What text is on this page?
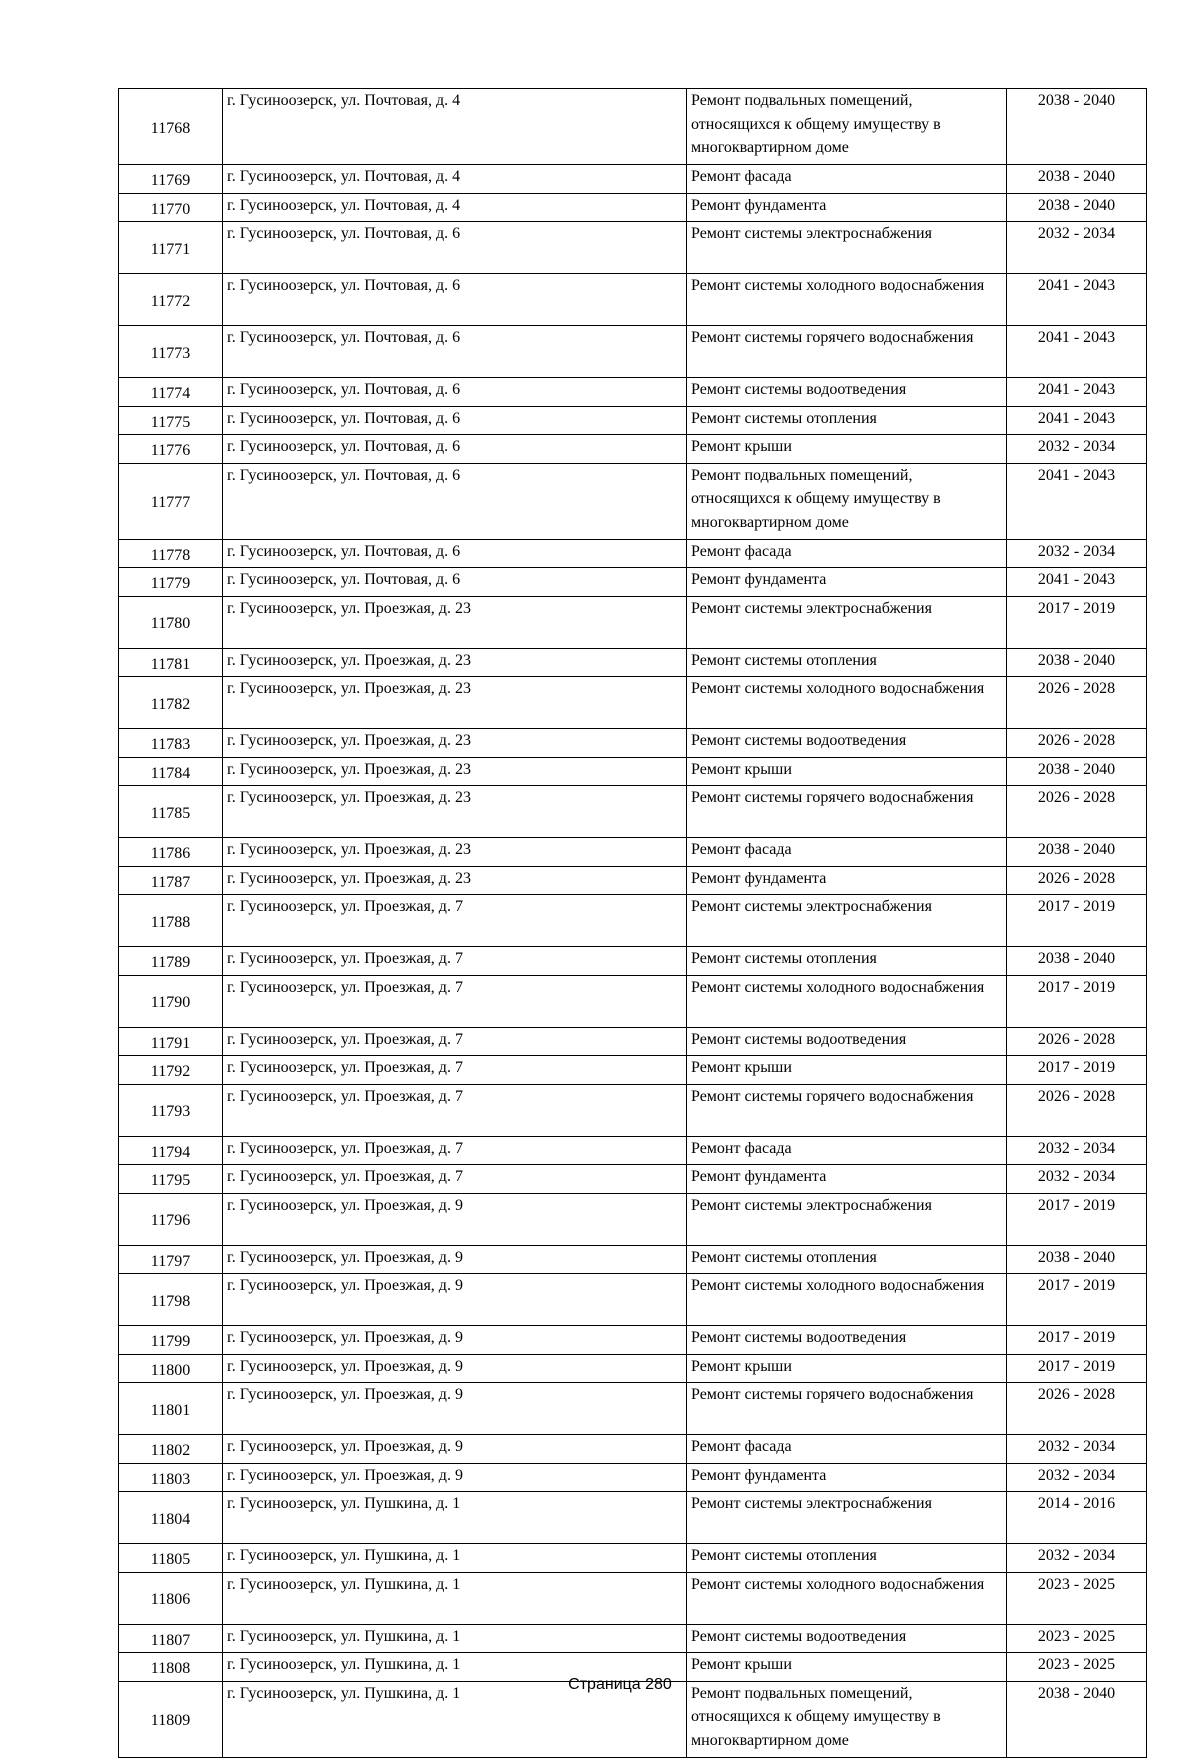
11768	г. Гусиноозерск, ул. Почтовая, д. 4	Ремонт подвальных помещений, относящихся к общему имуществу в многоквартирном доме	2038 - 2040
11769	г. Гусиноозерск, ул. Почтовая, д. 4	Ремонт фасада	2038 - 2040
11770	г. Гусиноозерск, ул. Почтовая, д. 4	Ремонт фундамента	2038 - 2040
11771	г. Гусиноозерск, ул. Почтовая, д. 6	Ремонт системы электроснабжения	2032 - 2034
11772	г. Гусиноозерск, ул. Почтовая, д. 6	Ремонт системы холодного водоснабжения	2041 - 2043
11773	г. Гусиноозерск, ул. Почтовая, д. 6	Ремонт системы горячего водоснабжения	2041 - 2043
11774	г. Гусиноозерск, ул. Почтовая, д. 6	Ремонт системы водоотведения	2041 - 2043
11775	г. Гусиноозерск, ул. Почтовая, д. 6	Ремонт системы отопления	2041 - 2043
11776	г. Гусиноозерск, ул. Почтовая, д. 6	Ремонт крыши	2032 - 2034
11777	г. Гусиноозерск, ул. Почтовая, д. 6	Ремонт подвальных помещений, относящихся к общему имуществу в многоквартирном доме	2041 - 2043
11778	г. Гусиноозерск, ул. Почтовая, д. 6	Ремонт фасада	2032 - 2034
11779	г. Гусиноозерск, ул. Почтовая, д. 6	Ремонт фундамента	2041 - 2043
11780	г. Гусиноозерск, ул. Проезжая, д. 23	Ремонт системы электроснабжения	2017 - 2019
11781	г. Гусиноозерск, ул. Проезжая, д. 23	Ремонт системы отопления	2038 - 2040
11782	г. Гусиноозерск, ул. Проезжая, д. 23	Ремонт системы холодного водоснабжения	2026 - 2028
11783	г. Гусиноозерск, ул. Проезжая, д. 23	Ремонт системы водоотведения	2026 - 2028
11784	г. Гусиноозерск, ул. Проезжая, д. 23	Ремонт крыши	2038 - 2040
11785	г. Гусиноозерск, ул. Проезжая, д. 23	Ремонт системы горячего водоснабжения	2026 - 2028
11786	г. Гусиноозерск, ул. Проезжая, д. 23	Ремонт фасада	2038 - 2040
11787	г. Гусиноозерск, ул. Проезжая, д. 23	Ремонт фундамента	2026 - 2028
11788	г. Гусиноозерск, ул. Проезжая, д. 7	Ремонт системы электроснабжения	2017 - 2019
11789	г. Гусиноозерск, ул. Проезжая, д. 7	Ремонт системы отопления	2038 - 2040
11790	г. Гусиноозерск, ул. Проезжая, д. 7	Ремонт системы холодного водоснабжения	2017 - 2019
11791	г. Гусиноозерск, ул. Проезжая, д. 7	Ремонт системы водоотведения	2026 - 2028
11792	г. Гусиноозерск, ул. Проезжая, д. 7	Ремонт крыши	2017 - 2019
11793	г. Гусиноозерск, ул. Проезжая, д. 7	Ремонт системы горячего водоснабжения	2026 - 2028
11794	г. Гусиноозерск, ул. Проезжая, д. 7	Ремонт фасада	2032 - 2034
11795	г. Гусиноозерск, ул. Проезжая, д. 7	Ремонт фундамента	2032 - 2034
11796	г. Гусиноозерск, ул. Проезжая, д. 9	Ремонт системы электроснабжения	2017 - 2019
11797	г. Гусиноозерск, ул. Проезжая, д. 9	Ремонт системы отопления	2038 - 2040
11798	г. Гусиноозерск, ул. Проезжая, д. 9	Ремонт системы холодного водоснабжения	2017 - 2019
11799	г. Гусиноозерск, ул. Проезжая, д. 9	Ремонт системы водоотведения	2017 - 2019
11800	г. Гусиноозерск, ул. Проезжая, д. 9	Ремонт крыши	2017 - 2019
11801	г. Гусиноозерск, ул. Проезжая, д. 9	Ремонт системы горячего водоснабжения	2026 - 2028
11802	г. Гусиноозерск, ул. Проезжая, д. 9	Ремонт фасада	2032 - 2034
11803	г. Гусиноозерск, ул. Проезжая, д. 9	Ремонт фундамента	2032 - 2034
11804	г. Гусиноозерск, ул. Пушкина, д. 1	Ремонт системы электроснабжения	2014 - 2016
11805	г. Гусиноозерск, ул. Пушкина, д. 1	Ремонт системы отопления	2032 - 2034
11806	г. Гусиноозерск, ул. Пушкина, д. 1	Ремонт системы холодного водоснабжения	2023 - 2025
11807	г. Гусиноозерск, ул. Пушкина, д. 1	Ремонт системы водоотведения	2023 - 2025
11808	г. Гусиноозерск, ул. Пушкина, д. 1	Ремонт крыши	2023 - 2025
11809	г. Гусиноозерск, ул. Пушкина, д. 1	Ремонт подвальных помещений, относящихся к общему имуществу в многоквартирном доме	2038 - 2040
Страница 280
